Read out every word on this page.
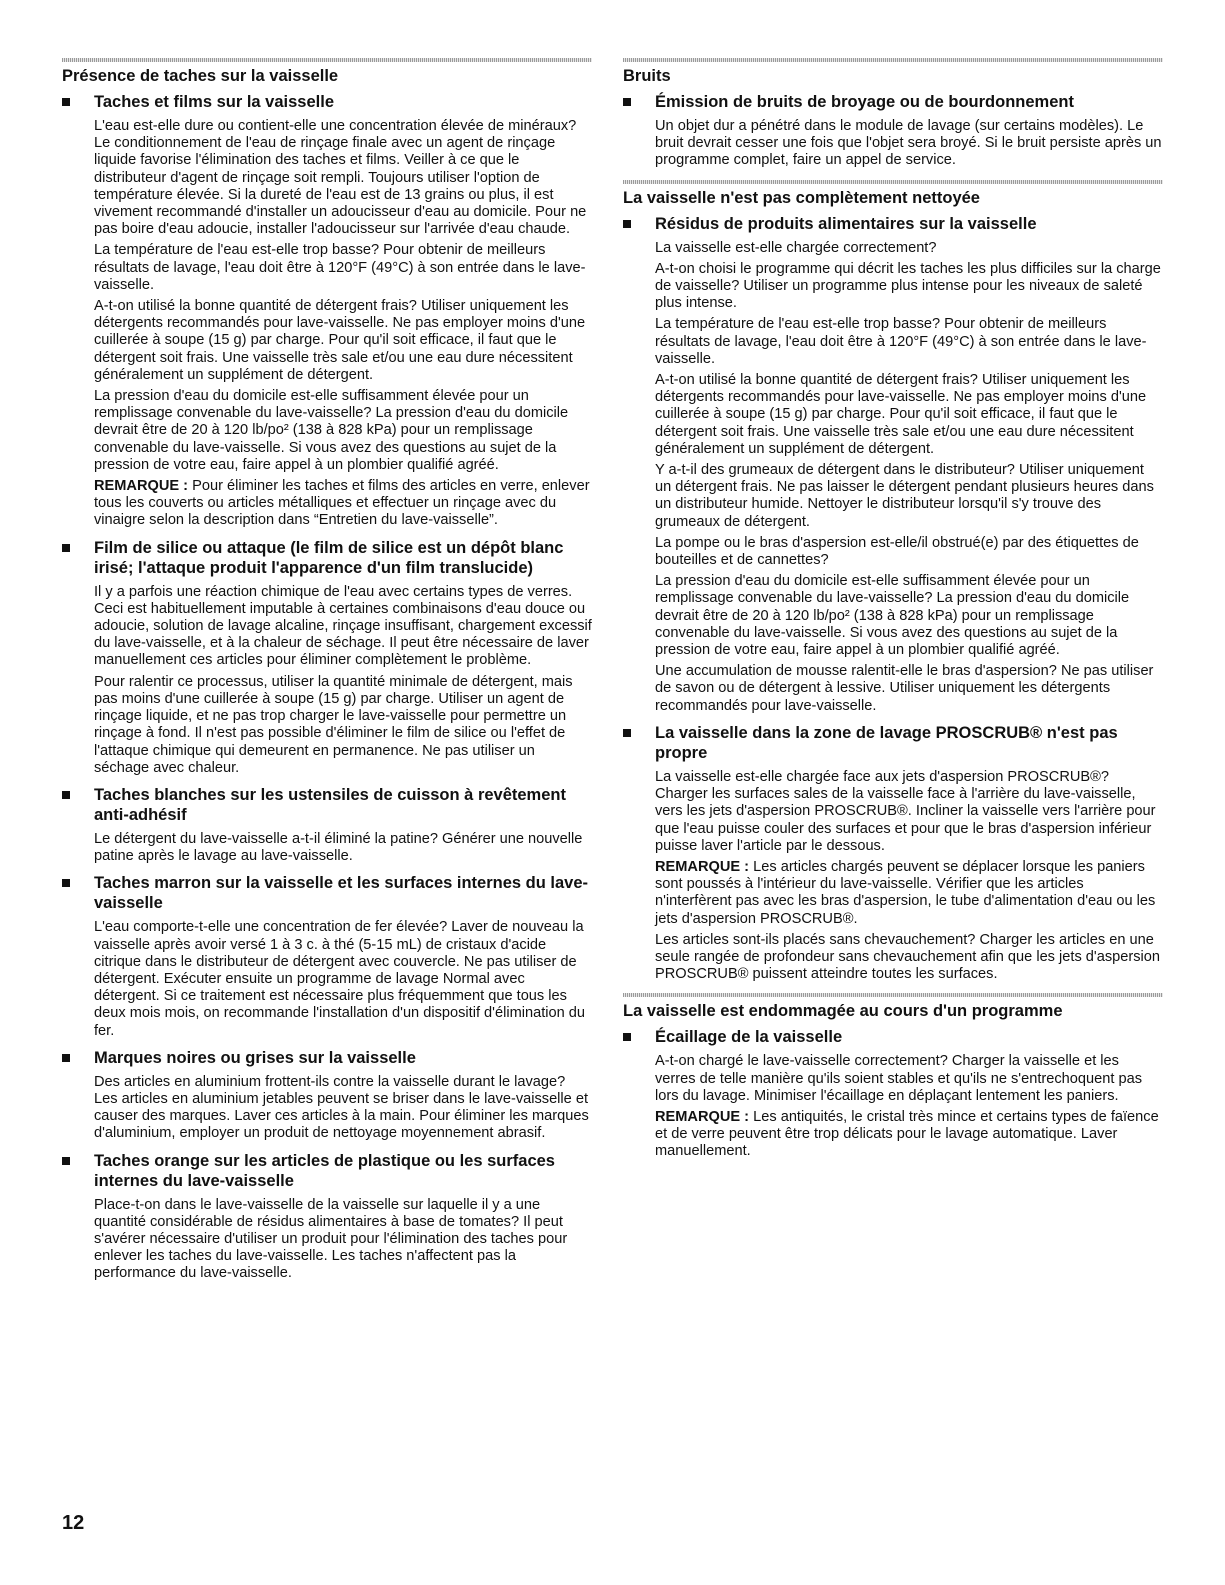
Présence de taches sur la vaisselle
Taches et films sur la vaisselle

L'eau est-elle dure ou contient-elle une concentration élevée de minéraux? Le conditionnement de l'eau de rinçage finale avec un agent de rinçage liquide favorise l'élimination des taches et films. Veiller à ce que le distributeur d'agent de rinçage soit rempli. Toujours utiliser l'option de température élevée. Si la dureté de l'eau est de 13 grains ou plus, il est vivement recommandé d'installer un adoucisseur d'eau au domicile. Pour ne pas boire d'eau adoucie, installer l'adoucisseur sur l'arrivée d'eau chaude.

La température de l'eau est-elle trop basse? Pour obtenir de meilleurs résultats de lavage, l'eau doit être à 120°F (49°C) à son entrée dans le lave-vaisselle.

A-t-on utilisé la bonne quantité de détergent frais? Utiliser uniquement les détergents recommandés pour lave-vaisselle. Ne pas employer moins d'une cuillerée à soupe (15 g) par charge. Pour qu'il soit efficace, il faut que le détergent soit frais. Une vaisselle très sale et/ou une eau dure nécessitent généralement un supplément de détergent.

La pression d'eau du domicile est-elle suffisamment élevée pour un remplissage convenable du lave-vaisselle? La pression d'eau du domicile devrait être de 20 à 120 lb/po² (138 à 828 kPa) pour un remplissage convenable du lave-vaisselle. Si vous avez des questions au sujet de la pression de votre eau, faire appel à un plombier qualifié agréé.

REMARQUE : Pour éliminer les taches et films des articles en verre, enlever tous les couverts ou articles métalliques et effectuer un rinçage avec du vinaigre selon la description dans “Entretien du lave-vaisselle”.

Film de silice ou attaque (le film de silice est un dépôt blanc irisé; l'attaque produit l'apparence d'un film translucide)

Il y a parfois une réaction chimique de l'eau avec certains types de verres. Ceci est habituellement imputable à certaines combinaisons d'eau douce ou adoucie, solution de lavage alcaline, rinçage insuffisant, chargement excessif du lave-vaisselle, et à la chaleur de séchage. Il peut être nécessaire de laver manuellement ces articles pour éliminer complètement le problème.

Pour ralentir ce processus, utiliser la quantité minimale de détergent, mais pas moins d'une cuillerée à soupe (15 g) par charge. Utiliser un agent de rinçage liquide, et ne pas trop charger le lave-vaisselle pour permettre un rinçage à fond. Il n'est pas possible d'éliminer le film de silice ou l'effet de l'attaque chimique qui demeurent en permanence. Ne pas utiliser un séchage avec chaleur.

Taches blanches sur les ustensiles de cuisson à revêtement anti-adhésif

Le détergent du lave-vaisselle a-t-il éliminé la patine? Générer une nouvelle patine après le lavage au lave-vaisselle.

Taches marron sur la vaisselle et les surfaces internes du lave-vaisselle

L'eau comporte-t-elle une concentration de fer élevée? Laver de nouveau la vaisselle après avoir versé 1 à 3 c. à thé (5-15 mL) de cristaux d'acide citrique dans le distributeur de détergent avec couvercle. Ne pas utiliser de détergent. Exécuter ensuite un programme de lavage Normal avec détergent. Si ce traitement est nécessaire plus fréquemment que tous les deux mois mois, on recommande l'installation d'un dispositif d'élimination du fer.

Marques noires ou grises sur la vaisselle

Des articles en aluminium frottent-ils contre la vaisselle durant le lavage? Les articles en aluminium jetables peuvent se briser dans le lave-vaisselle et causer des marques. Laver ces articles à la main. Pour éliminer les marques d'aluminium, employer un produit de nettoyage moyennement abrasif.

Taches orange sur les articles de plastique ou les surfaces internes du lave-vaisselle

Place-t-on dans le lave-vaisselle de la vaisselle sur laquelle il y a une quantité considérable de résidus alimentaires à base de tomates? Il peut s'avérer nécessaire d'utiliser un produit pour l'élimination des taches pour enlever les taches du lave-vaisselle. Les taches n'affectent pas la performance du lave-vaisselle.

Bruits
Émission de bruits de broyage ou de bourdonnement

Un objet dur a pénétré dans le module de lavage (sur certains modèles). Le bruit devrait cesser une fois que l'objet sera broyé. Si le bruit persiste après un programme complet, faire un appel de service.

La vaisselle n'est pas complètement nettoyée
Résidus de produits alimentaires sur la vaisselle

La vaisselle est-elle chargée correctement?

A-t-on choisi le programme qui décrit les taches les plus difficiles sur la charge de vaisselle? Utiliser un programme plus intense pour les niveaux de saleté plus intense.

La température de l'eau est-elle trop basse? Pour obtenir de meilleurs résultats de lavage, l'eau doit être à 120°F (49°C) à son entrée dans le lave-vaisselle.

A-t-on utilisé la bonne quantité de détergent frais? Utiliser uniquement les détergents recommandés pour lave-vaisselle. Ne pas employer moins d'une cuillerée à soupe (15 g) par charge. Pour qu'il soit efficace, il faut que le détergent soit frais. Une vaisselle très sale et/ou une eau dure nécessitent généralement un supplément de détergent.

Y a-t-il des grumeaux de détergent dans le distributeur? Utiliser uniquement un détergent frais. Ne pas laisser le détergent pendant plusieurs heures dans un distributeur humide. Nettoyer le distributeur lorsqu'il s'y trouve des grumeaux de détergent.

La pompe ou le bras d'aspersion est-elle/il obstrué(e) par des étiquettes de bouteilles et de cannettes?

La pression d'eau du domicile est-elle suffisamment élevée pour un remplissage convenable du lave-vaisselle? La pression d'eau du domicile devrait être de 20 à 120 lb/po² (138 à 828 kPa) pour un remplissage convenable du lave-vaisselle. Si vous avez des questions au sujet de la pression de votre eau, faire appel à un plombier qualifié agréé.

Une accumulation de mousse ralentit-elle le bras d'aspersion? Ne pas utiliser de savon ou de détergent à lessive. Utiliser uniquement les détergents recommandés pour lave-vaisselle.

La vaisselle dans la zone de lavage PROSCRUB® n'est pas propre

La vaisselle est-elle chargée face aux jets d'aspersion PROSCRUB®? Charger les surfaces sales de la vaisselle face à l'arrière du lave-vaisselle, vers les jets d'aspersion PROSCRUB®. Incliner la vaisselle vers l'arrière pour que l'eau puisse couler des surfaces et pour que le bras d'aspersion inférieur puisse laver l'article par le dessous.

REMARQUE : Les articles chargés peuvent se déplacer lorsque les paniers sont poussés à l'intérieur du lave-vaisselle. Vérifier que les articles n'interfèrent pas avec les bras d'aspersion, le tube d'alimentation d'eau ou les jets d'aspersion PROSCRUB®.

Les articles sont-ils placés sans chevauchement? Charger les articles en une seule rangée de profondeur sans chevauchement afin que les jets d'aspersion PROSCRUB® puissent atteindre toutes les surfaces.

La vaisselle est endommagée au cours d'un programme
Écaillage de la vaisselle

A-t-on chargé le lave-vaisselle correctement? Charger la vaisselle et les verres de telle manière qu'ils soient stables et qu'ils ne s'entrechoquent pas lors du lavage. Minimiser l'écaillage en déplaçant lentement les paniers.

REMARQUE : Les antiquités, le cristal très mince et certains types de faïence et de verre peuvent être trop délicats pour le lavage automatique. Laver manuellement.

12
